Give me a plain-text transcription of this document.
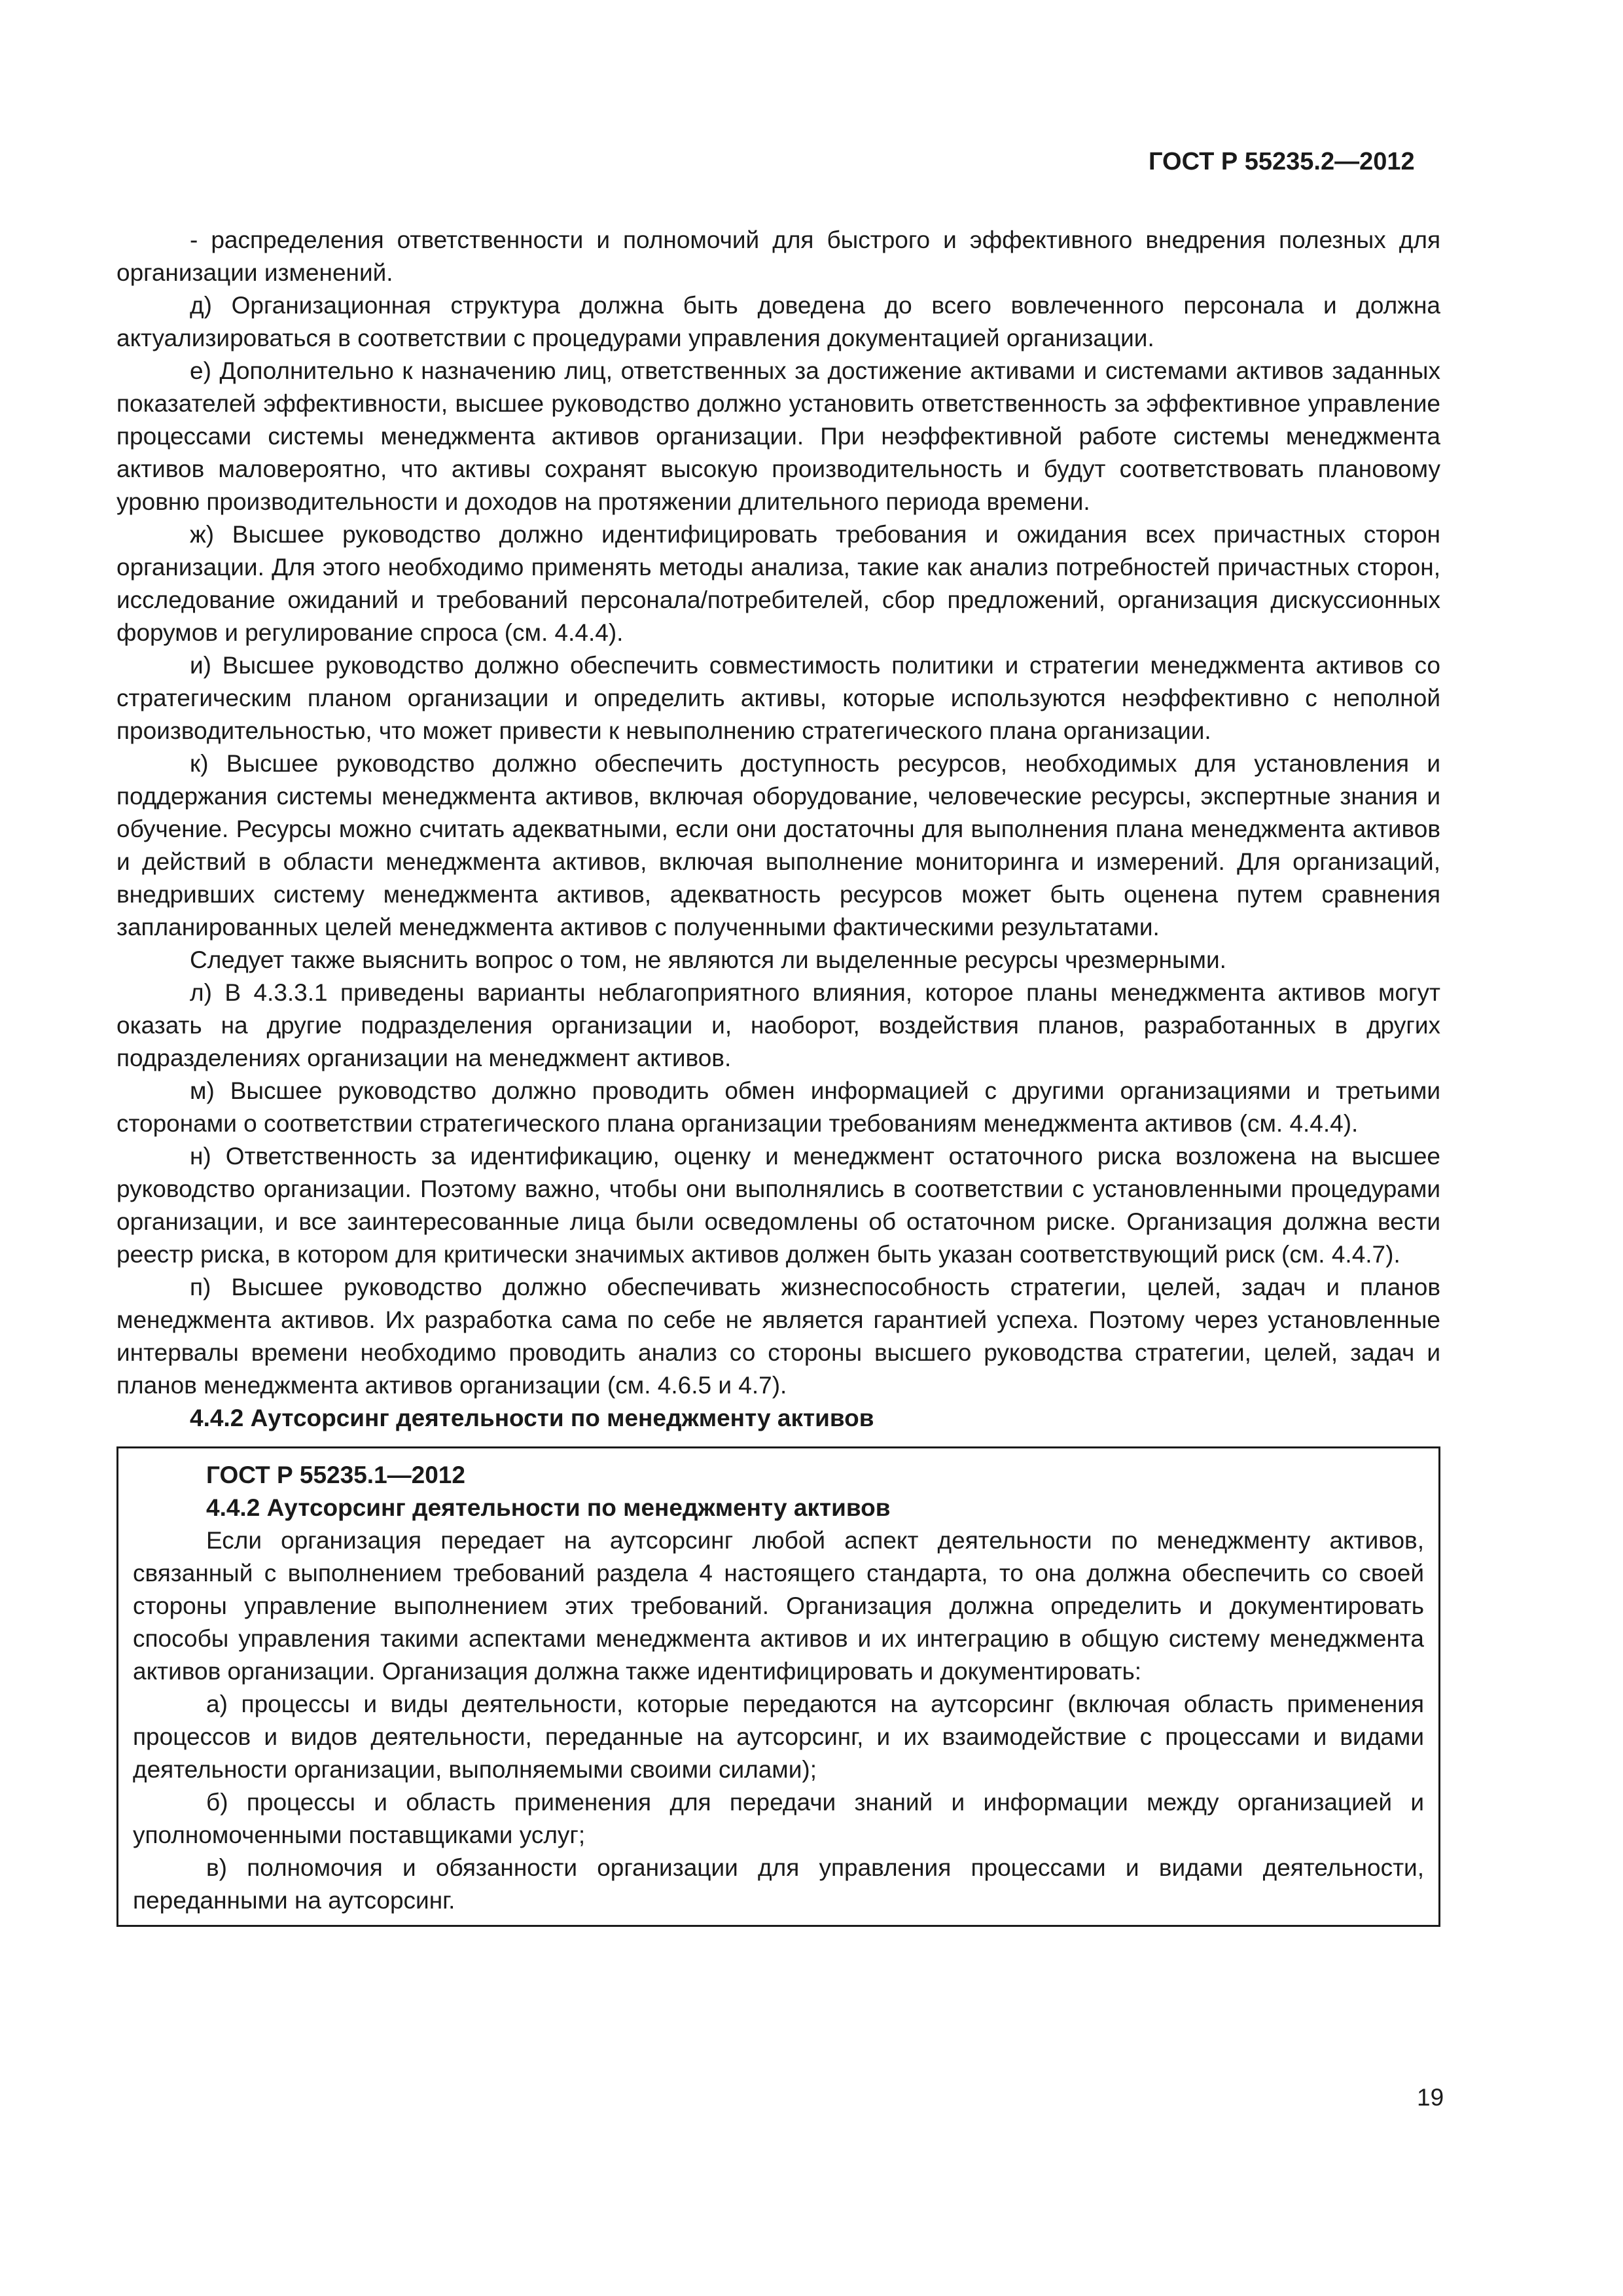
ГОСТ Р 55235.2—2012

- распределения ответственности и полномочий для быстрого и эффективного внедрения полезных для организации изменений.

д) Организационная структура должна быть доведена до всего вовлеченного персонала и должна актуализироваться в соответствии с процедурами управления документацией организации.

е) Дополнительно к назначению лиц, ответственных за достижение активами и системами активов заданных показателей эффективности, высшее руководство должно установить ответственность за эффективное управление процессами системы менеджмента активов организации. При неэффективной работе системы менеджмента активов маловероятно, что активы сохранят высокую производительность и будут соответствовать плановому уровню производительности и доходов на протяжении длительного периода времени.

ж) Высшее руководство должно идентифицировать требования и ожидания всех причастных сторон организации. Для этого необходимо применять методы анализа, такие как анализ потребностей причастных сторон, исследование ожиданий и требований персонала/потребителей, сбор предложений, организация дискуссионных форумов и регулирование спроса (см. 4.4.4).

и) Высшее руководство должно обеспечить совместимость политики и стратегии менеджмента активов со стратегическим планом организации и определить активы, которые используются неэффективно с неполной производительностью, что может привести к невыполнению стратегического плана организации.

к) Высшее руководство должно обеспечить доступность ресурсов, необходимых для установления и поддержания системы менеджмента активов, включая оборудование, человеческие ресурсы, экспертные знания и обучение. Ресурсы можно считать адекватными, если они достаточны для выполнения плана менеджмента активов и действий в области менеджмента активов, включая выполнение мониторинга и измерений. Для организаций, внедривших систему менеджмента активов, адекватность ресурсов может быть оценена путем сравнения запланированных целей менеджмента активов с полученными фактическими результатами.

Следует также выяснить вопрос о том, не являются ли выделенные ресурсы чрезмерными.

л) В 4.3.3.1 приведены варианты неблагоприятного влияния, которое планы менеджмента активов могут оказать на другие подразделения организации и, наоборот, воздействия планов, разработанных в других подразделениях организации на менеджмент активов.

м) Высшее руководство должно проводить обмен информацией с другими организациями и третьими сторонами о соответствии стратегического плана организации требованиям менеджмента активов (см. 4.4.4).

н) Ответственность за идентификацию, оценку и менеджмент остаточного риска возложена на высшее руководство организации. Поэтому важно, чтобы они выполнялись в соответствии с установленными процедурами организации, и все заинтересованные лица были осведомлены об остаточном риске. Организация должна вести реестр риска, в котором для критически значимых активов должен быть указан соответствующий риск (см. 4.4.7).

п) Высшее руководство должно обеспечивать жизнеспособность стратегии, целей, задач и планов менеджмента активов. Их разработка сама по себе не является гарантией успеха. Поэтому через установленные интервалы времени необходимо проводить анализ со стороны высшего руководства стратегии, целей, задач и планов менеджмента активов организации (см. 4.6.5 и 4.7).

4.4.2 Аутсорсинг деятельности по менеджменту активов

ГОСТ Р 55235.1—2012

4.4.2 Аутсорсинг деятельности по менеджменту активов

Если организация передает на аутсорсинг любой аспект деятельности по менеджменту активов, связанный с выполнением требований раздела 4 настоящего стандарта, то она должна обеспечить со своей стороны управление выполнением этих требований. Организация должна определить и документировать способы управления такими аспектами менеджмента активов и их интеграцию в общую систему менеджмента активов организации. Организация должна также идентифицировать и документировать:

а) процессы и виды деятельности, которые передаются на аутсорсинг (включая область применения процессов и видов деятельности, переданные на аутсорсинг, и их взаимодействие с процессами и видами деятельности организации, выполняемыми своими силами);

б) процессы и область применения для передачи знаний и информации между организацией и уполномоченными поставщиками услуг;

в) полномочия и обязанности организации для управления процессами и видами деятельности, переданными на аутсорсинг.

19
